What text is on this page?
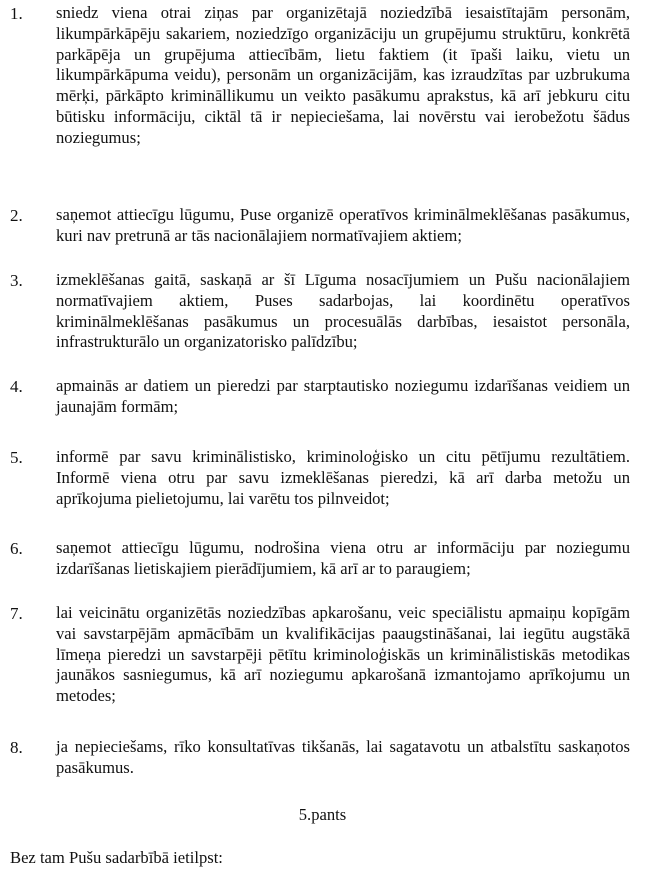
1. sniedz viena otrai ziņas par organizētajā noziedzībā iesaistītajām personām, likumpārkāpēju sakariem, noziedzīgo organizāciju un grupējumu struktūru, konkrētā parkāpēja un grupējuma attiecībām, lietu faktiem (it īpaši laiku, vietu un likumpārkāpuma veidu), personām un organizācijām, kas izraudzītas par uzbrukuma mērķi, pārkāpto krimināllikumu un veikto pasākumu aprakstus, kā arī jebkuru citu būtisku informāciju, ciktāl tā ir nepieciešama, lai novērstu vai ierobežotu šādus noziegumus;
2. saņemot attiecīgu lūgumu, Puse organizē operatīvos kriminālmeklēšanas pasākumus, kuri nav pretrunā ar tās nacionālajiem normatīvajiem aktiem;
3. izmeklēšanas gaitā, saskaņā ar šī Līguma nosacījumiem un Pušu nacionālajiem normatīvajiem aktiem, Puses sadarbojas, lai koordinētu operatīvos kriminālmeklēšanas pasākumus un procesuālās darbības, iesaistot personāla, infrastrukturālo un organizatorisko palīdzību;
4. apmainās ar datiem un pieredzi par starptautisko noziegumu izdarīšanas veidiem un jaunajām formām;
5. informē par savu kriminālistisko, kriminoloģisko un citu pētījumu rezultātiem. Informē viena otru par savu izmeklēšanas pieredzi, kā arī darba metožu un aprīkojuma pielietojumu, lai varētu tos pilnveidot;
6. saņemot attiecīgu lūgumu, nodrošina viena otru ar informāciju par noziegumu izdarīšanas lietiskajiem pierādījumiem, kā arī ar to paraugiem;
7. lai veicinātu organizētās noziedzības apkarošanu, veic speciālistu apmaiņu kopīgām vai savstarpējām apmācībām un kvalifikācijas paaugstināšanai, lai iegūtu augstākā līmeņa pieredzi un savstarpēji pētītu kriminoloģiskās un kriminālistiskās metodikas jaunākos sasniegumus, kā arī noziegumu apkarošanā izmantojamo aprīkojumu un metodes;
8. ja nepieciešams, rīko konsultatīvas tikšanās, lai sagatavotu un atbalstītu saskaņotos pasākumus.
5.pants
Bez tam Pušu sadarbībā ietilpst:
